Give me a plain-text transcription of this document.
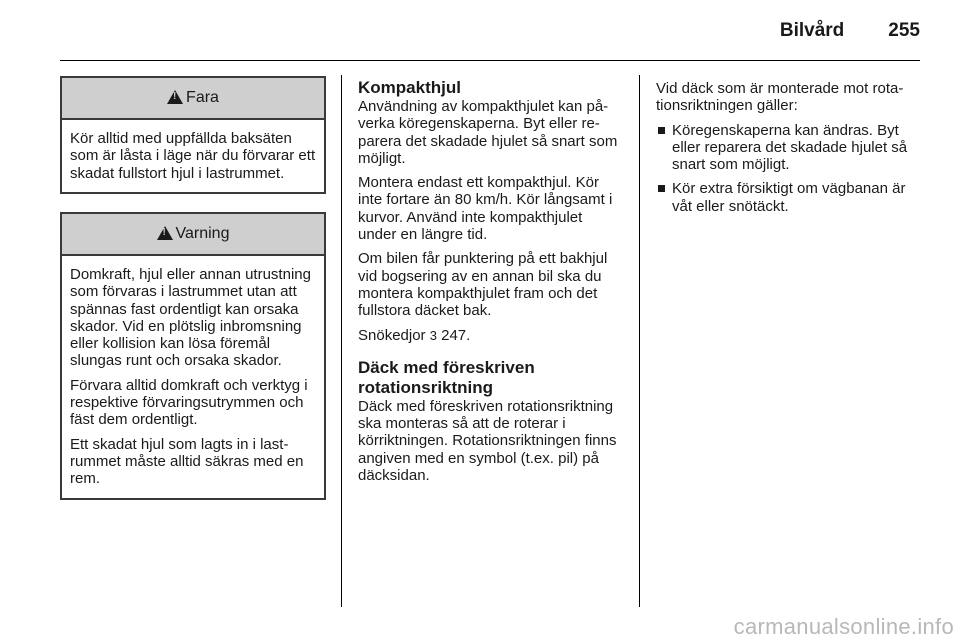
Bilvård 255
!
Fara

Kör alltid med uppfällda baksäten som är låsta i läge när du förvarar ett skadat fullstort hjul i lastrummet.

!
Varning

Domkraft, hjul eller annan utrustning som förvaras i lastrummet utan att spännas fast ordentligt kan orsaka skador. Vid en plötslig inbromsning eller kollision kan lösa föremål slungas runt och orsaka skador.

Förvara alltid domkraft och verktyg i respektive förvaringsutrymmen och fäst dem ordentligt.

Ett skadat hjul som lagts in i lastrummet måste alltid säkras med en rem.

Kompakthjul

Användning av kompakthjulet kan påverka köregenskaperna. Byt eller reparera det skadade hjulet så snart som möjligt.

Montera endast ett kompakthjul. Kör inte fortare än 80 km/h. Kör långsamt i kurvor. Använd inte kompakthjulet under en längre tid.

Om bilen får punktering på ett bakhjul vid bogsering av en annan bil ska du montera kompakthjulet fram och det fullstora däcket bak.

Snökedjor 3 247.

Däck med föreskriven rotationsriktning

Däck med föreskriven rotationsriktning ska monteras så att de roterar i körriktningen. Rotationsriktningen finns angiven med en symbol (t.ex. pil) på däcksidan.

Vid däck som är monterade mot rotationsriktningen gäller:

Köregenskaperna kan ändras. Byt eller reparera det skadade hjulet så snart som möjligt.
Kör extra försiktigt om vägbanan är våt eller snötäckt.
carmanualsonline.info
